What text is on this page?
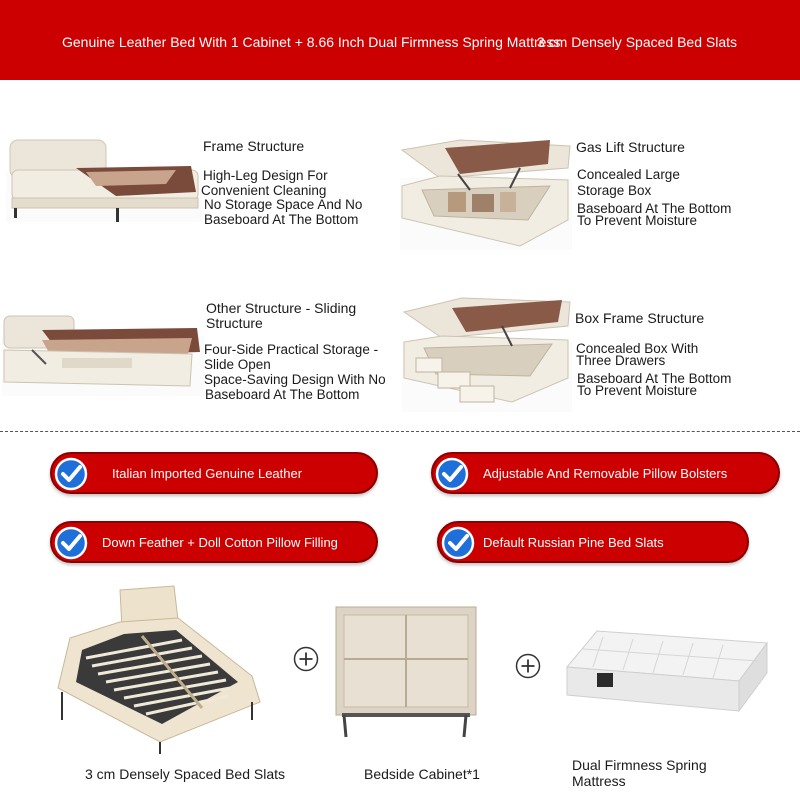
Genuine Leather Bed With 1 Cabinet + 8.66 Inch Dual Firmness Spring Mattress
3 cm Densely Spaced Bed Slats
Frame Structure
High-Leg Design For
Convenient Cleaning
No Storage Space And No
Baseboard At The Bottom
Gas Lift Structure
Concealed Large
Storage Box
Baseboard At The Bottom
To Prevent Moisture
Other Structure - Sliding
Structure
Four-Side Practical Storage -
Slide Open
Space-Saving Design With No
Baseboard At The Bottom
Box Frame Structure
Concealed Box With
Three Drawers
Baseboard At The Bottom
To Prevent Moisture
Italian Imported Genuine Leather	Adjustable And Removable Pillow Bolsters
Down Feather + Doll Cotton Pillow Filling	Default Russian Pine Bed Slats
3 cm Densely Spaced Bed Slats	Bedside Cabinet*1
Dual Firmness Spring
Mattress
